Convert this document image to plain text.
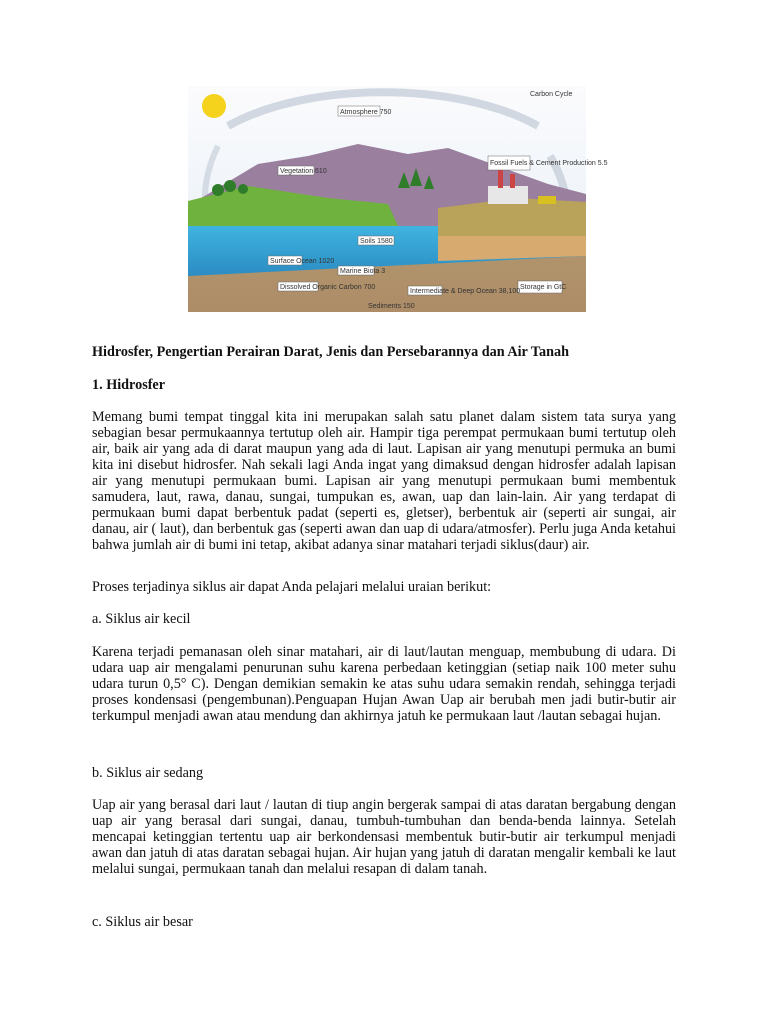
Carbon Cycle
Atmosphere 750
Vegetation 610
Fossil Fuels & Cement Production 5.5
Soils 1580
Surface Ocean 1020
Marine Biota 3
Dissolved Organic Carbon 700
Intermediate & Deep Ocean 38,100
Sediments 150
Storage in GtC
Hidrosfer, Pengertian Perairan Darat, Jenis dan Persebarannya dan Air Tanah
1. Hidrosfer
Memang bumi tempat tinggal kita ini merupakan salah satu planet dalam sistem tata surya yang sebagian besar permukaannya tertutup oleh air. Hampir tiga perempat permukaan bumi tertutup oleh air, baik air yang ada di darat maupun yang ada di laut. Lapisan air yang menutupi permuka an bumi kita ini disebut hidrosfer. Nah sekali lagi Anda ingat yang dimaksud dengan hidrosfer adalah lapisan air yang menutupi permukaan bumi. Lapisan air yang menutupi permukaan bumi membentuk samudera, laut, rawa, danau, sungai, tumpukan es, awan, uap dan lain-lain. Air yang terdapat di permukaan bumi dapat berbentuk padat (seperti es, gletser), berbentuk air (seperti air sungai, air danau, air ( laut), dan berbentuk gas (seperti awan dan uap di udara/atmosfer). Perlu juga Anda ketahui bahwa jumlah air di bumi ini tetap, akibat adanya sinar matahari terjadi siklus(daur) air.
Proses terjadinya siklus air dapat Anda pelajari melalui uraian berikut:
a. Siklus air kecil
Karena terjadi pemanasan oleh sinar matahari, air di laut/lautan menguap, membubung di udara. Di udara uap air mengalami penurunan suhu karena perbedaan ketinggian (setiap naik 100 meter suhu udara turun 0,5° C). Dengan demikian semakin ke atas suhu udara semakin rendah, sehingga terjadi proses kondensasi (pengembunan).Penguapan Hujan Awan Uap air berubah men jadi butir-butir air terkumpul menjadi awan atau mendung dan akhirnya jatuh ke permukaan laut /lautan sebagai hujan.
b. Siklus air sedang
Uap air yang berasal dari laut / lautan di tiup angin bergerak sampai di atas daratan bergabung dengan uap air yang berasal dari sungai, danau, tumbuh-tumbuhan dan benda-benda lainnya. Setelah mencapai ketinggian tertentu uap air berkondensasi membentuk butir-butir air terkumpul menjadi awan dan jatuh di atas daratan sebagai hujan. Air hujan yang jatuh di daratan mengalir kembali ke laut melalui sungai, permukaan tanah dan melalui resapan di dalam tanah.
c. Siklus air besar
